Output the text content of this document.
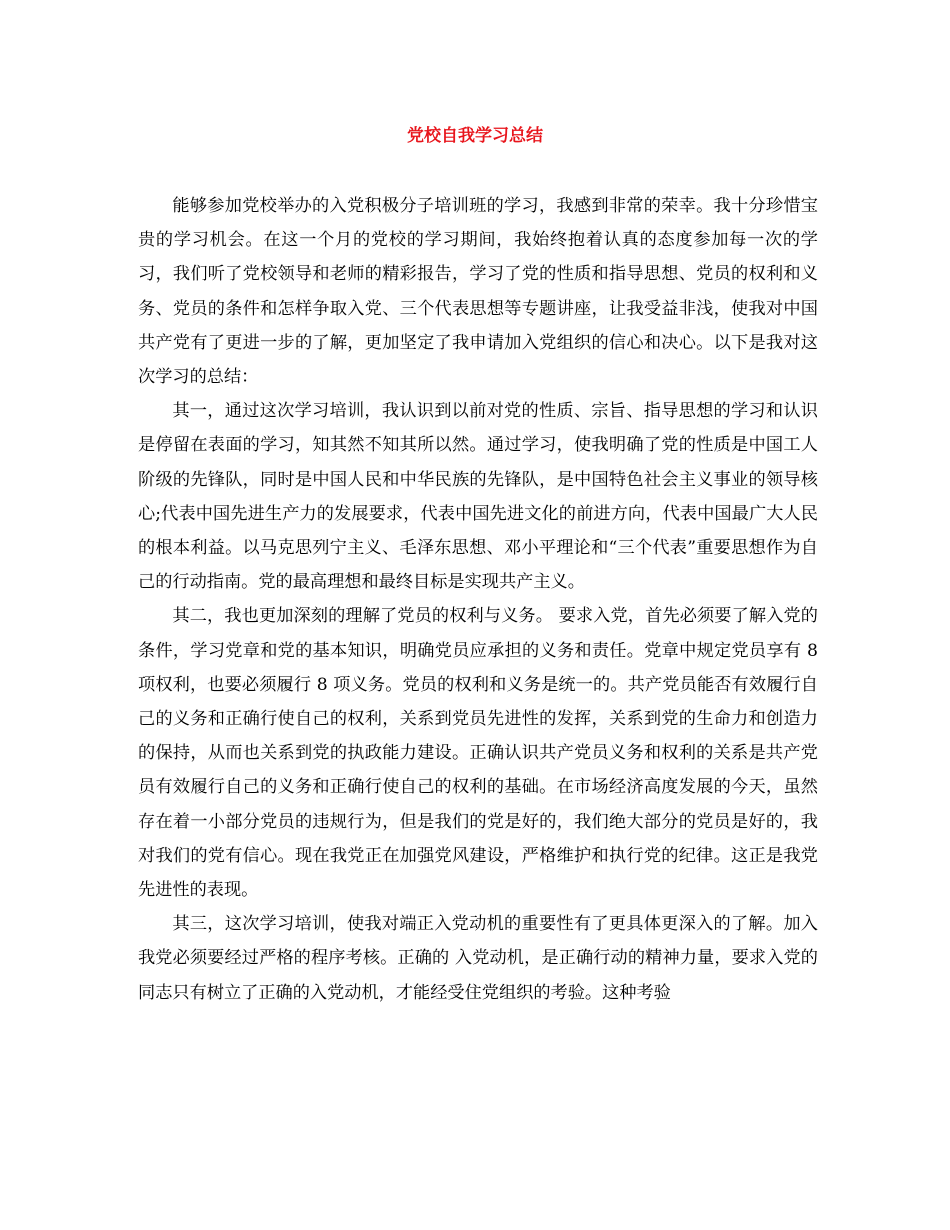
党校自我学习总结

能够参加党校举办的入党积极分子培训班的学习，我感到非常的荣幸。我十分珍惜宝贵的学习机会。在这一个月的党校的学习期间，我始终抱着认真的态度参加每一次的学习，我们听了党校领导和老师的精彩报告，学习了党的性质和指导思想、党员的权利和义务、党员的条件和怎样争取入党、三个代表思想等专题讲座，让我受益非浅，使我对中国共产党有了更进一步的了解，更加坚定了我申请加入党组织的信心和决心。以下是我对这次学习的总结：

其一，通过这次学习培训，我认识到以前对党的性质、宗旨、指导思想的学习和认识是停留在表面的学习，知其然不知其所以然。通过学习，使我明确了党的性质是中国工人阶级的先锋队，同时是中国人民和中华民族的先锋队，是中国特色社会主义事业的领导核心;代表中国先进生产力的发展要求，代表中国先进文化的前进方向，代表中国最广大人民的根本利益。以马克思列宁主义、毛泽东思想、邓小平理论和“三个代表”重要思想作为自己的行动指南。党的最高理想和最终目标是实现共产主义。

其二，我也更加深刻的理解了党员的权利与义务。 要求入党，首先必须要了解入党的条件，学习党章和党的基本知识，明确党员应承担的义务和责任。党章中规定党员享有 8 项权利，也要必须履行 8 项义务。党员的权利和义务是统一的。共产党员能否有效履行自己的义务和正确行使自己的权利，关系到党员先进性的发挥，关系到党的生命力和创造力的保持，从而也关系到党的执政能力建设。正确认识共产党员义务和权利的关系是共产党员有效履行自己的义务和正确行使自己的权利的基础。在市场经济高度发展的今天，虽然存在着一小部分党员的违规行为，但是我们的党是好的，我们绝大部分的党员是好的，我对我们的党有信心。现在我党正在加强党风建设，严格维护和执行党的纪律。这正是我党先进性的表现。

其三，这次学习培训，使我对端正入党动机的重要性有了更具体更深入的了解。加入我党必须要经过严格的程序考核。正确的 入党动机，是正确行动的精神力量，要求入党的同志只有树立了正确的入党动机，才能经受住党组织的考验。这种考验
